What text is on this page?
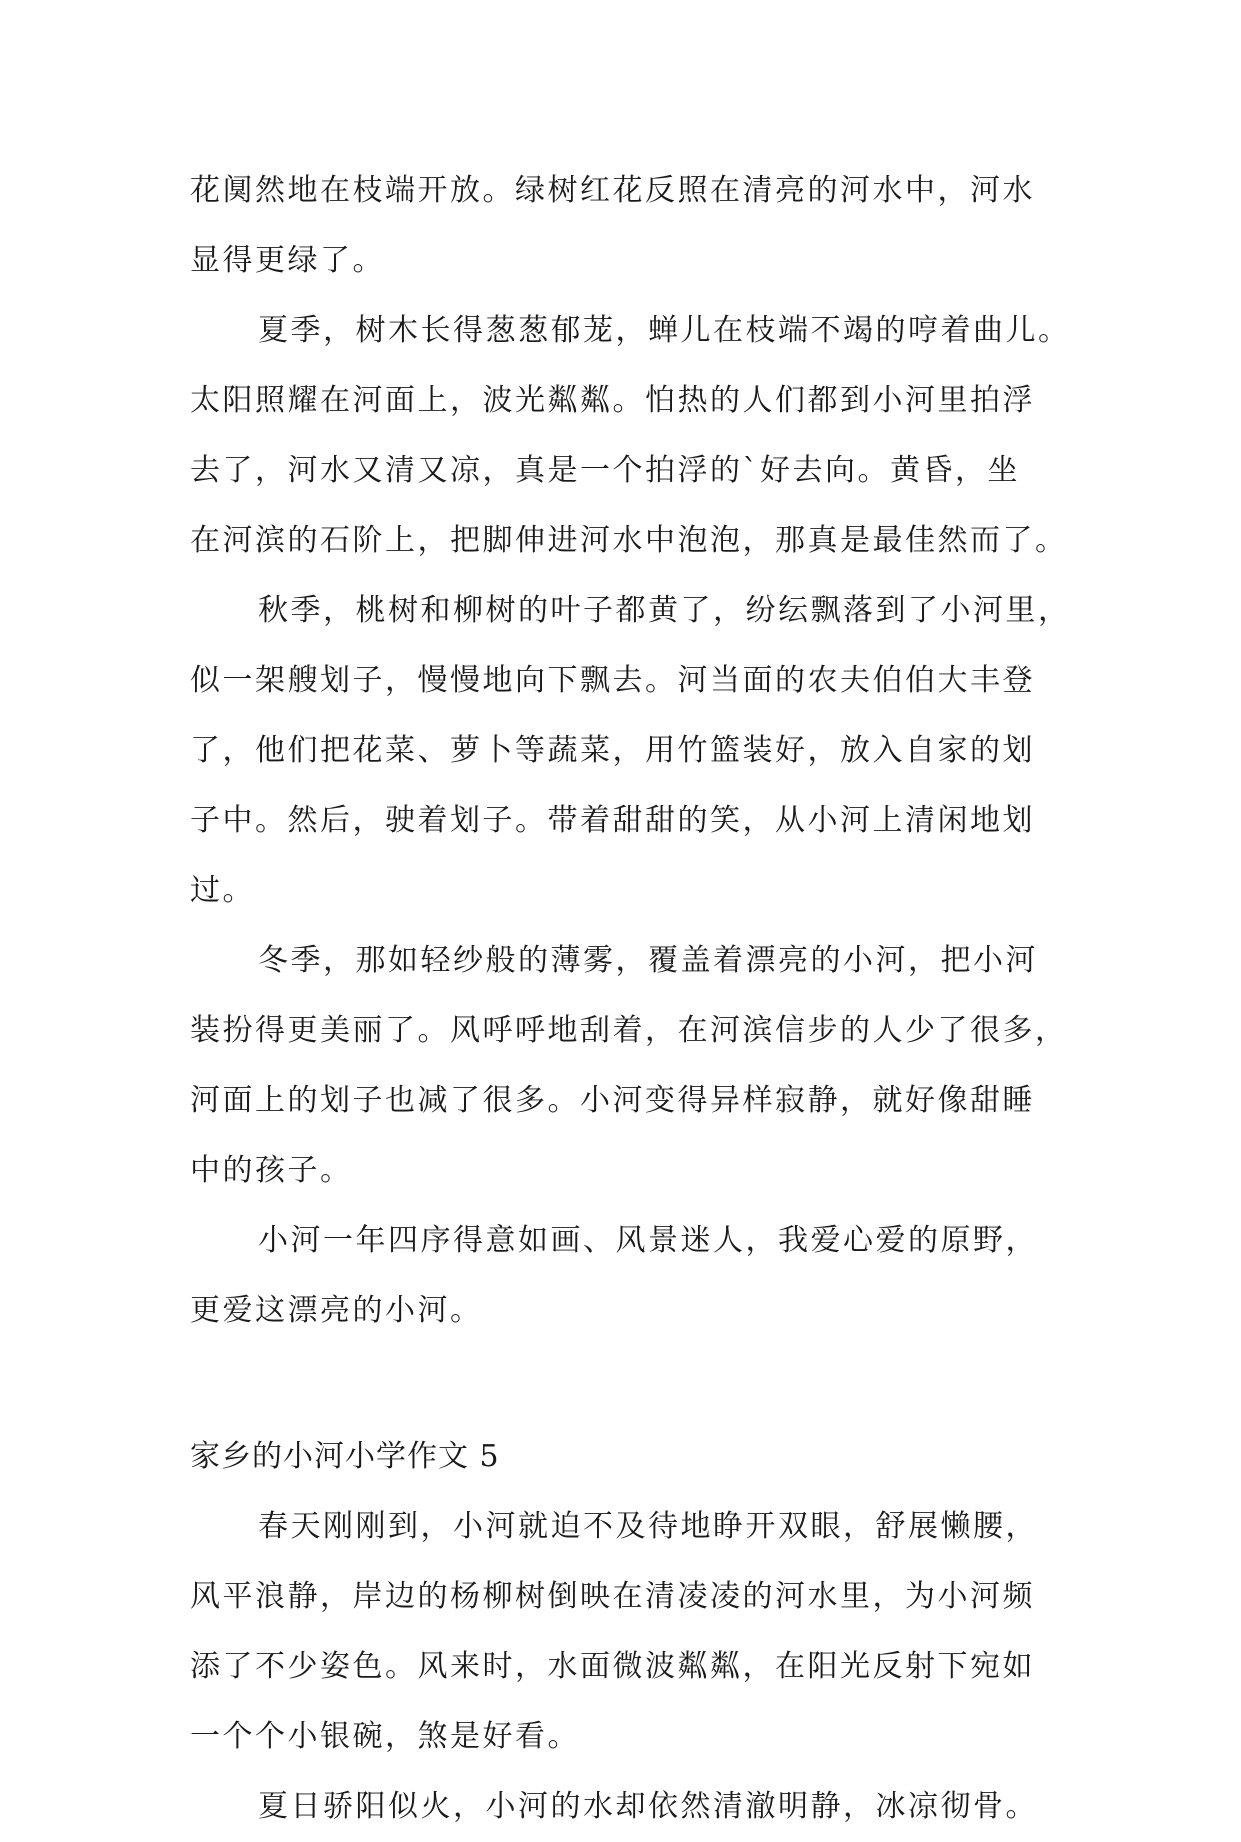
花阒然地在枝端开放。绿树红花反照在清亮的河水中，河水
显得更绿了。
夏季，树木长得葱葱郁茏，蝉儿在枝端不竭的哼着曲儿。
太阳照耀在河面上，波光粼粼。怕热的人们都到小河里拍浮
去了，河水又清又凉，真是一个拍浮的`好去向。黄昏，坐
在河滨的石阶上，把脚伸进河水中泡泡，那真是最佳然而了。
秋季，桃树和柳树的叶子都黄了，纷纭飘落到了小河里，
似一架艘划子，慢慢地向下飘去。河当面的农夫伯伯大丰登
了，他们把花菜、萝卜等蔬菜，用竹篮装好，放入自家的划
子中。然后，驶着划子。带着甜甜的笑，从小河上清闲地划
过。
冬季，那如轻纱般的薄雾，覆盖着漂亮的小河，把小河
装扮得更美丽了。风呼呼地刮着，在河滨信步的人少了很多，
河面上的划子也减了很多。小河变得异样寂静，就好像甜睡
中的孩子。
小河一年四序得意如画、风景迷人，我爱心爱的原野，
更爱这漂亮的小河。
家乡的小河小学作文 5
春天刚刚到，小河就迫不及待地睁开双眼，舒展懒腰，
风平浪静，岸边的杨柳树倒映在清凌凌的河水里，为小河频
添了不少姿色。风来时，水面微波粼粼，在阳光反射下宛如
一个个小银碗，煞是好看。
夏日骄阳似火，小河的水却依然清澈明静，冰凉彻骨。
